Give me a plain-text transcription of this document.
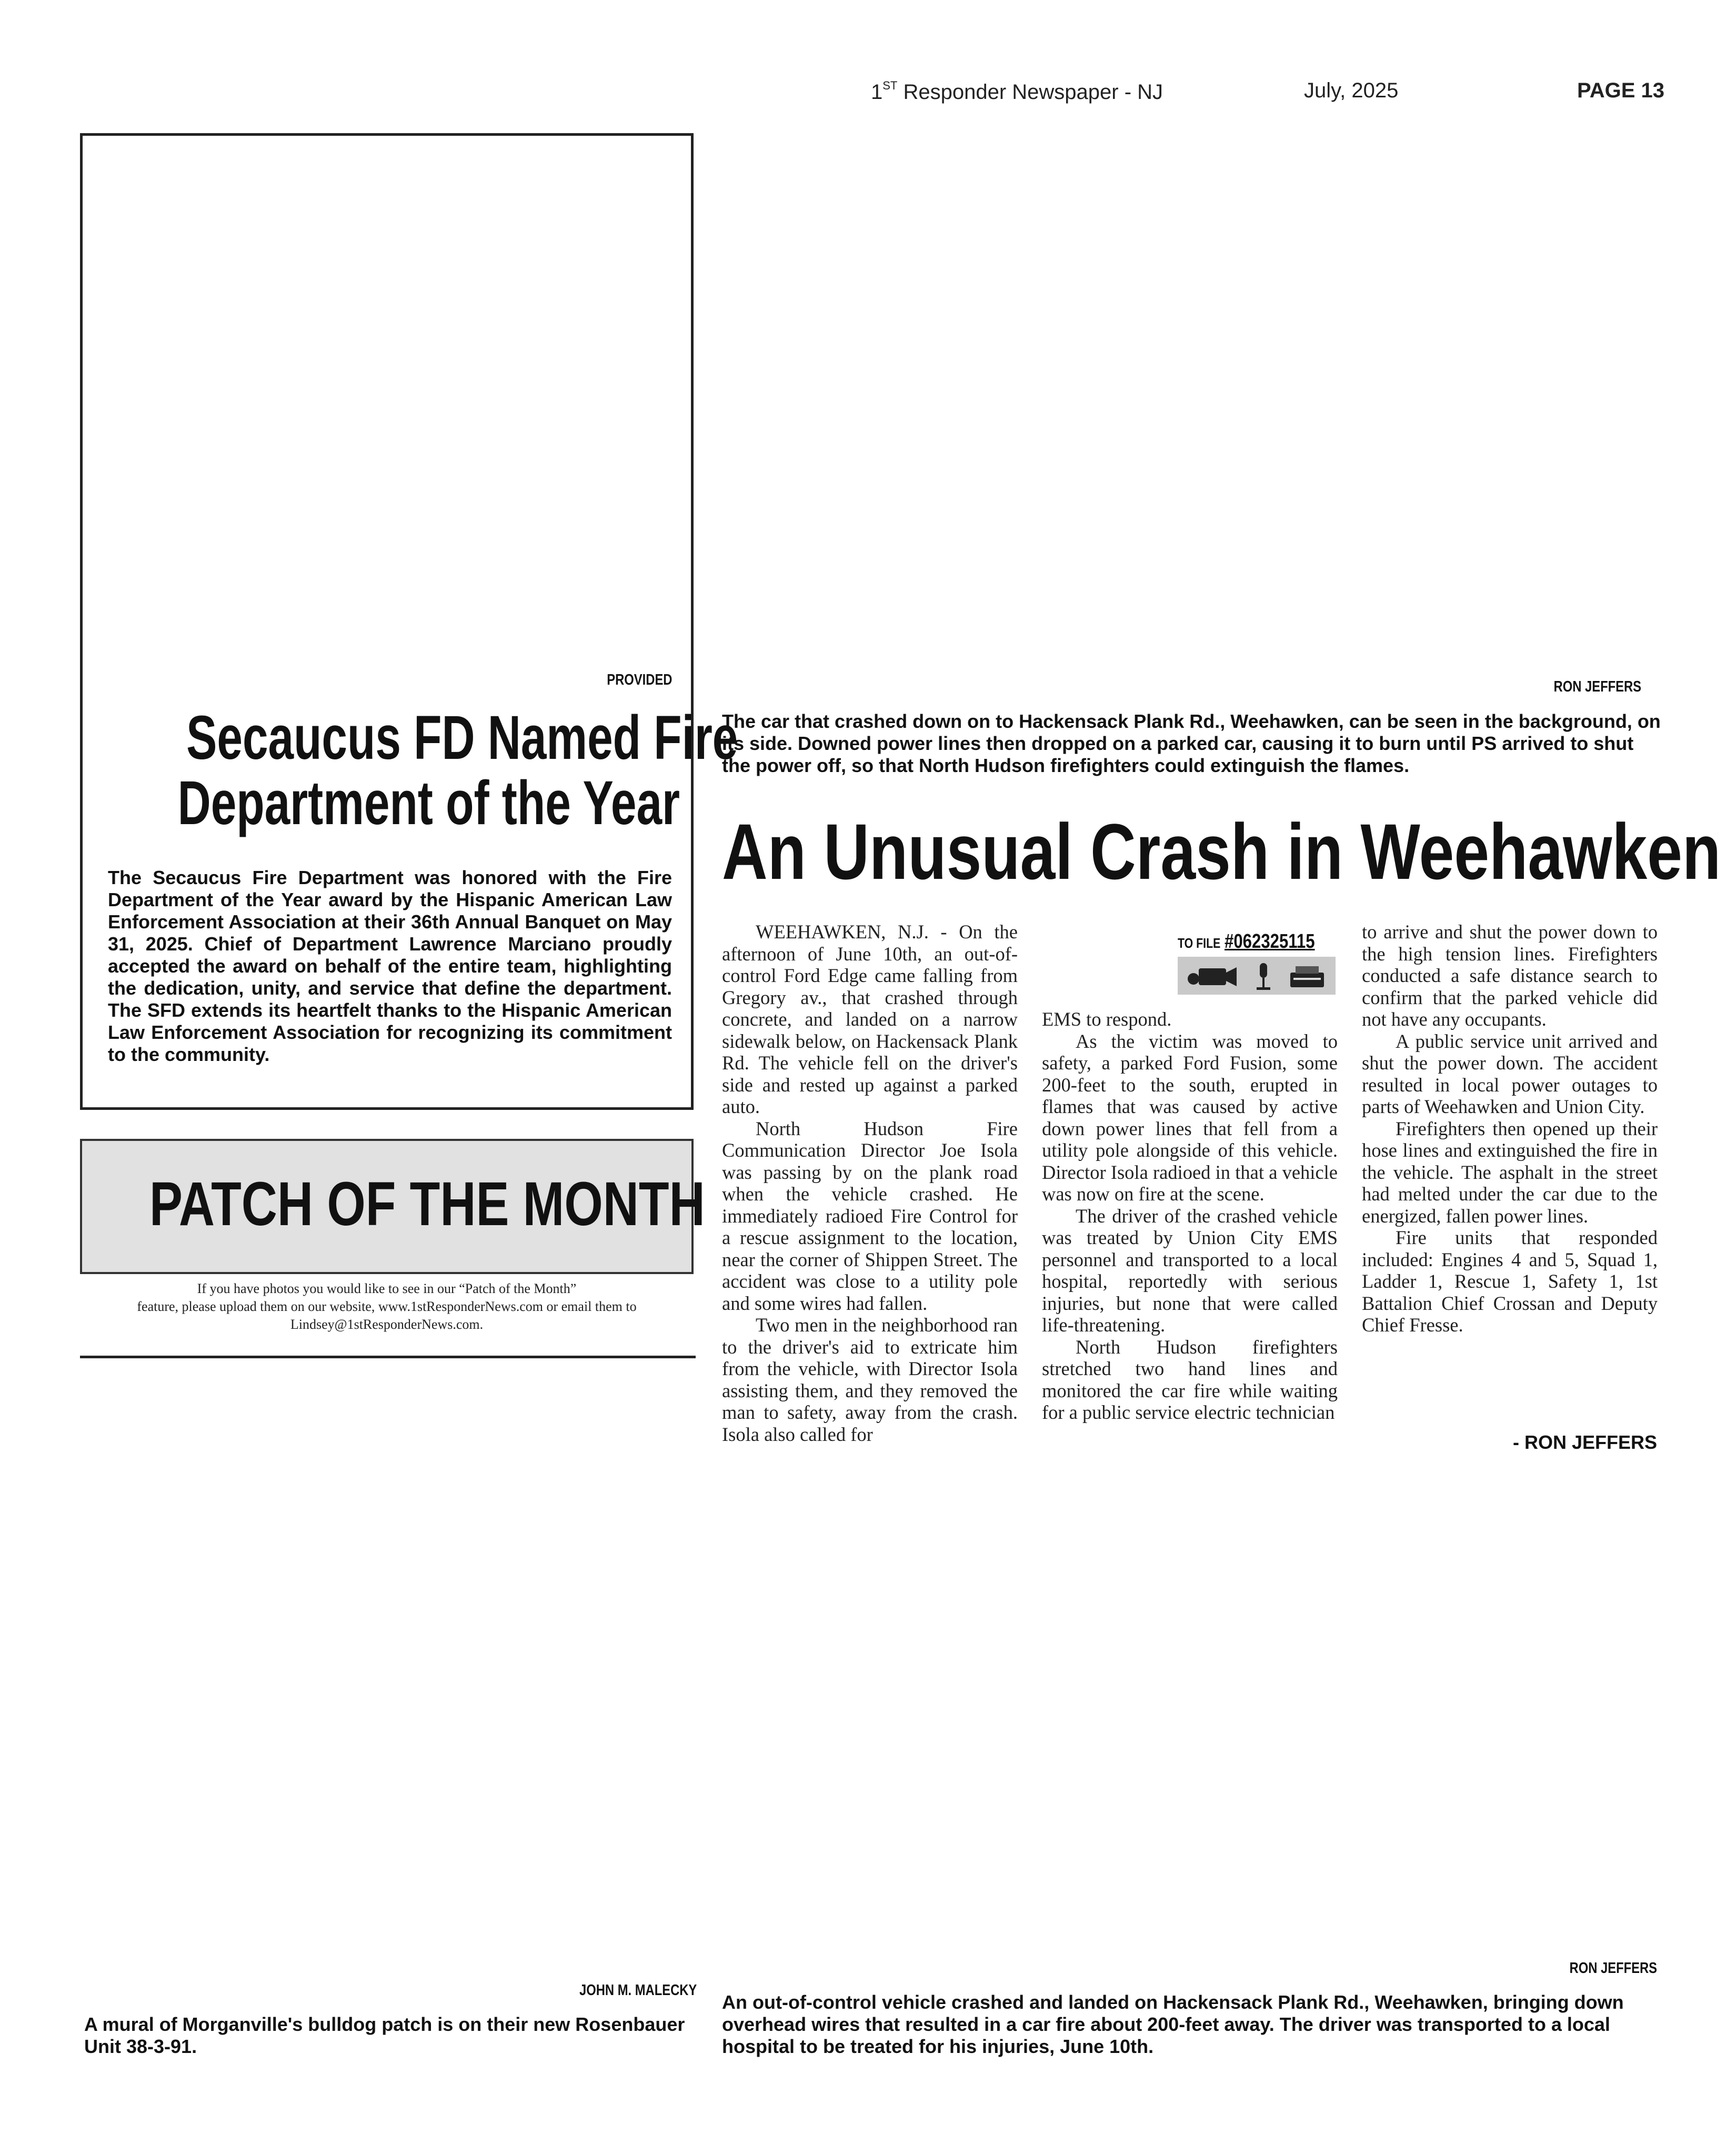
1ST Responder Newspaper - NJ	July, 2025	PAGE 13
PROVIDED
Secaucus FD Named Fire
Department of the Year
The Secaucus Fire Department was honored with the Fire Department of the Year award by the Hispanic American Law Enforcement Association at their 36th Annual Banquet on May 31, 2025. Chief of Department Lawrence Marciano proudly accepted the award on behalf of the entire team, highlighting the dedication, unity, and service that define the department. The SFD extends its heartfelt thanks to the Hispanic American Law Enforcement Association for recognizing its commitment to the community.
PATCH OF THE MONTH
If you have photos you would like to see in our “Patch of the Month”
feature, please upload them on our website, www.1stResponderNews.com or email them to
Lindsey@1stResponderNews.com.
JOHN M. MALECKY
A mural of Morganville's bulldog patch is on their new Rosenbauer Unit 38-3-91.
RON JEFFERS
The car that crashed down on to Hackensack Plank Rd., Weehawken, can be seen in the background, on its side. Downed power lines then dropped on a parked car, causing it to burn until PS arrived to shut the power off, so that North Hudson firefighters could extinguish the flames.
An Unusual Crash in Weehawken

WEEHAWKEN, N.J. - On the afternoon of June 10th, an out-of-control Ford Edge came falling from Gregory av., that crashed through concrete, and landed on a narrow sidewalk below, on Hackensack Plank Rd. The vehicle fell on the driver's side and rested up against a parked auto.

North Hudson Fire Communication Director Joe Isola was passing by on the plank road when the vehicle crashed. He immediately radioed Fire Control for a rescue assignment to the location, near the corner of Shippen Street. The accident was close to a utility pole and some wires had fallen.

Two men in the neighborhood ran to the driver's aid to extricate him from the vehicle, with Director Isola assisting them, and they removed the man to safety, away from the crash. Isola also called for

TO FILE #062325115

EMS to respond.

As the victim was moved to safety, a parked Ford Fusion, some 200-feet to the south, erupted in flames that was caused by active down power lines that fell from a utility pole alongside of this vehicle. Director Isola radioed in that a vehicle was now on fire at the scene.

The driver of the crashed vehicle was treated by Union City EMS personnel and transported to a local hospital, reportedly with serious injuries, but none that were called life-threatening.

North Hudson firefighters stretched two hand lines and monitored the car fire while waiting for a public service electric technician

to arrive and shut the power down to the high tension lines. Firefighters conducted a safe distance search to confirm that the parked vehicle did not have any occupants.

A public service unit arrived and shut the power down. The accident resulted in local power outages to parts of Weehawken and Union City.

Firefighters then opened up their hose lines and extinguished the fire in the vehicle. The asphalt in the street had melted under the car due to the energized, fallen power lines.

Fire units that responded included: Engines 4 and 5, Squad 1, Ladder 1, Rescue 1, Safety 1, 1st Battalion Chief Crossan and Deputy Chief Fresse.

- RON JEFFERS
RON JEFFERS
An out-of-control vehicle crashed and landed on Hackensack Plank Rd., Weehawken, bringing down overhead wires that resulted in a car fire about 200-feet away. The driver was transported to a local hospital to be treated for his injuries, June 10th.
